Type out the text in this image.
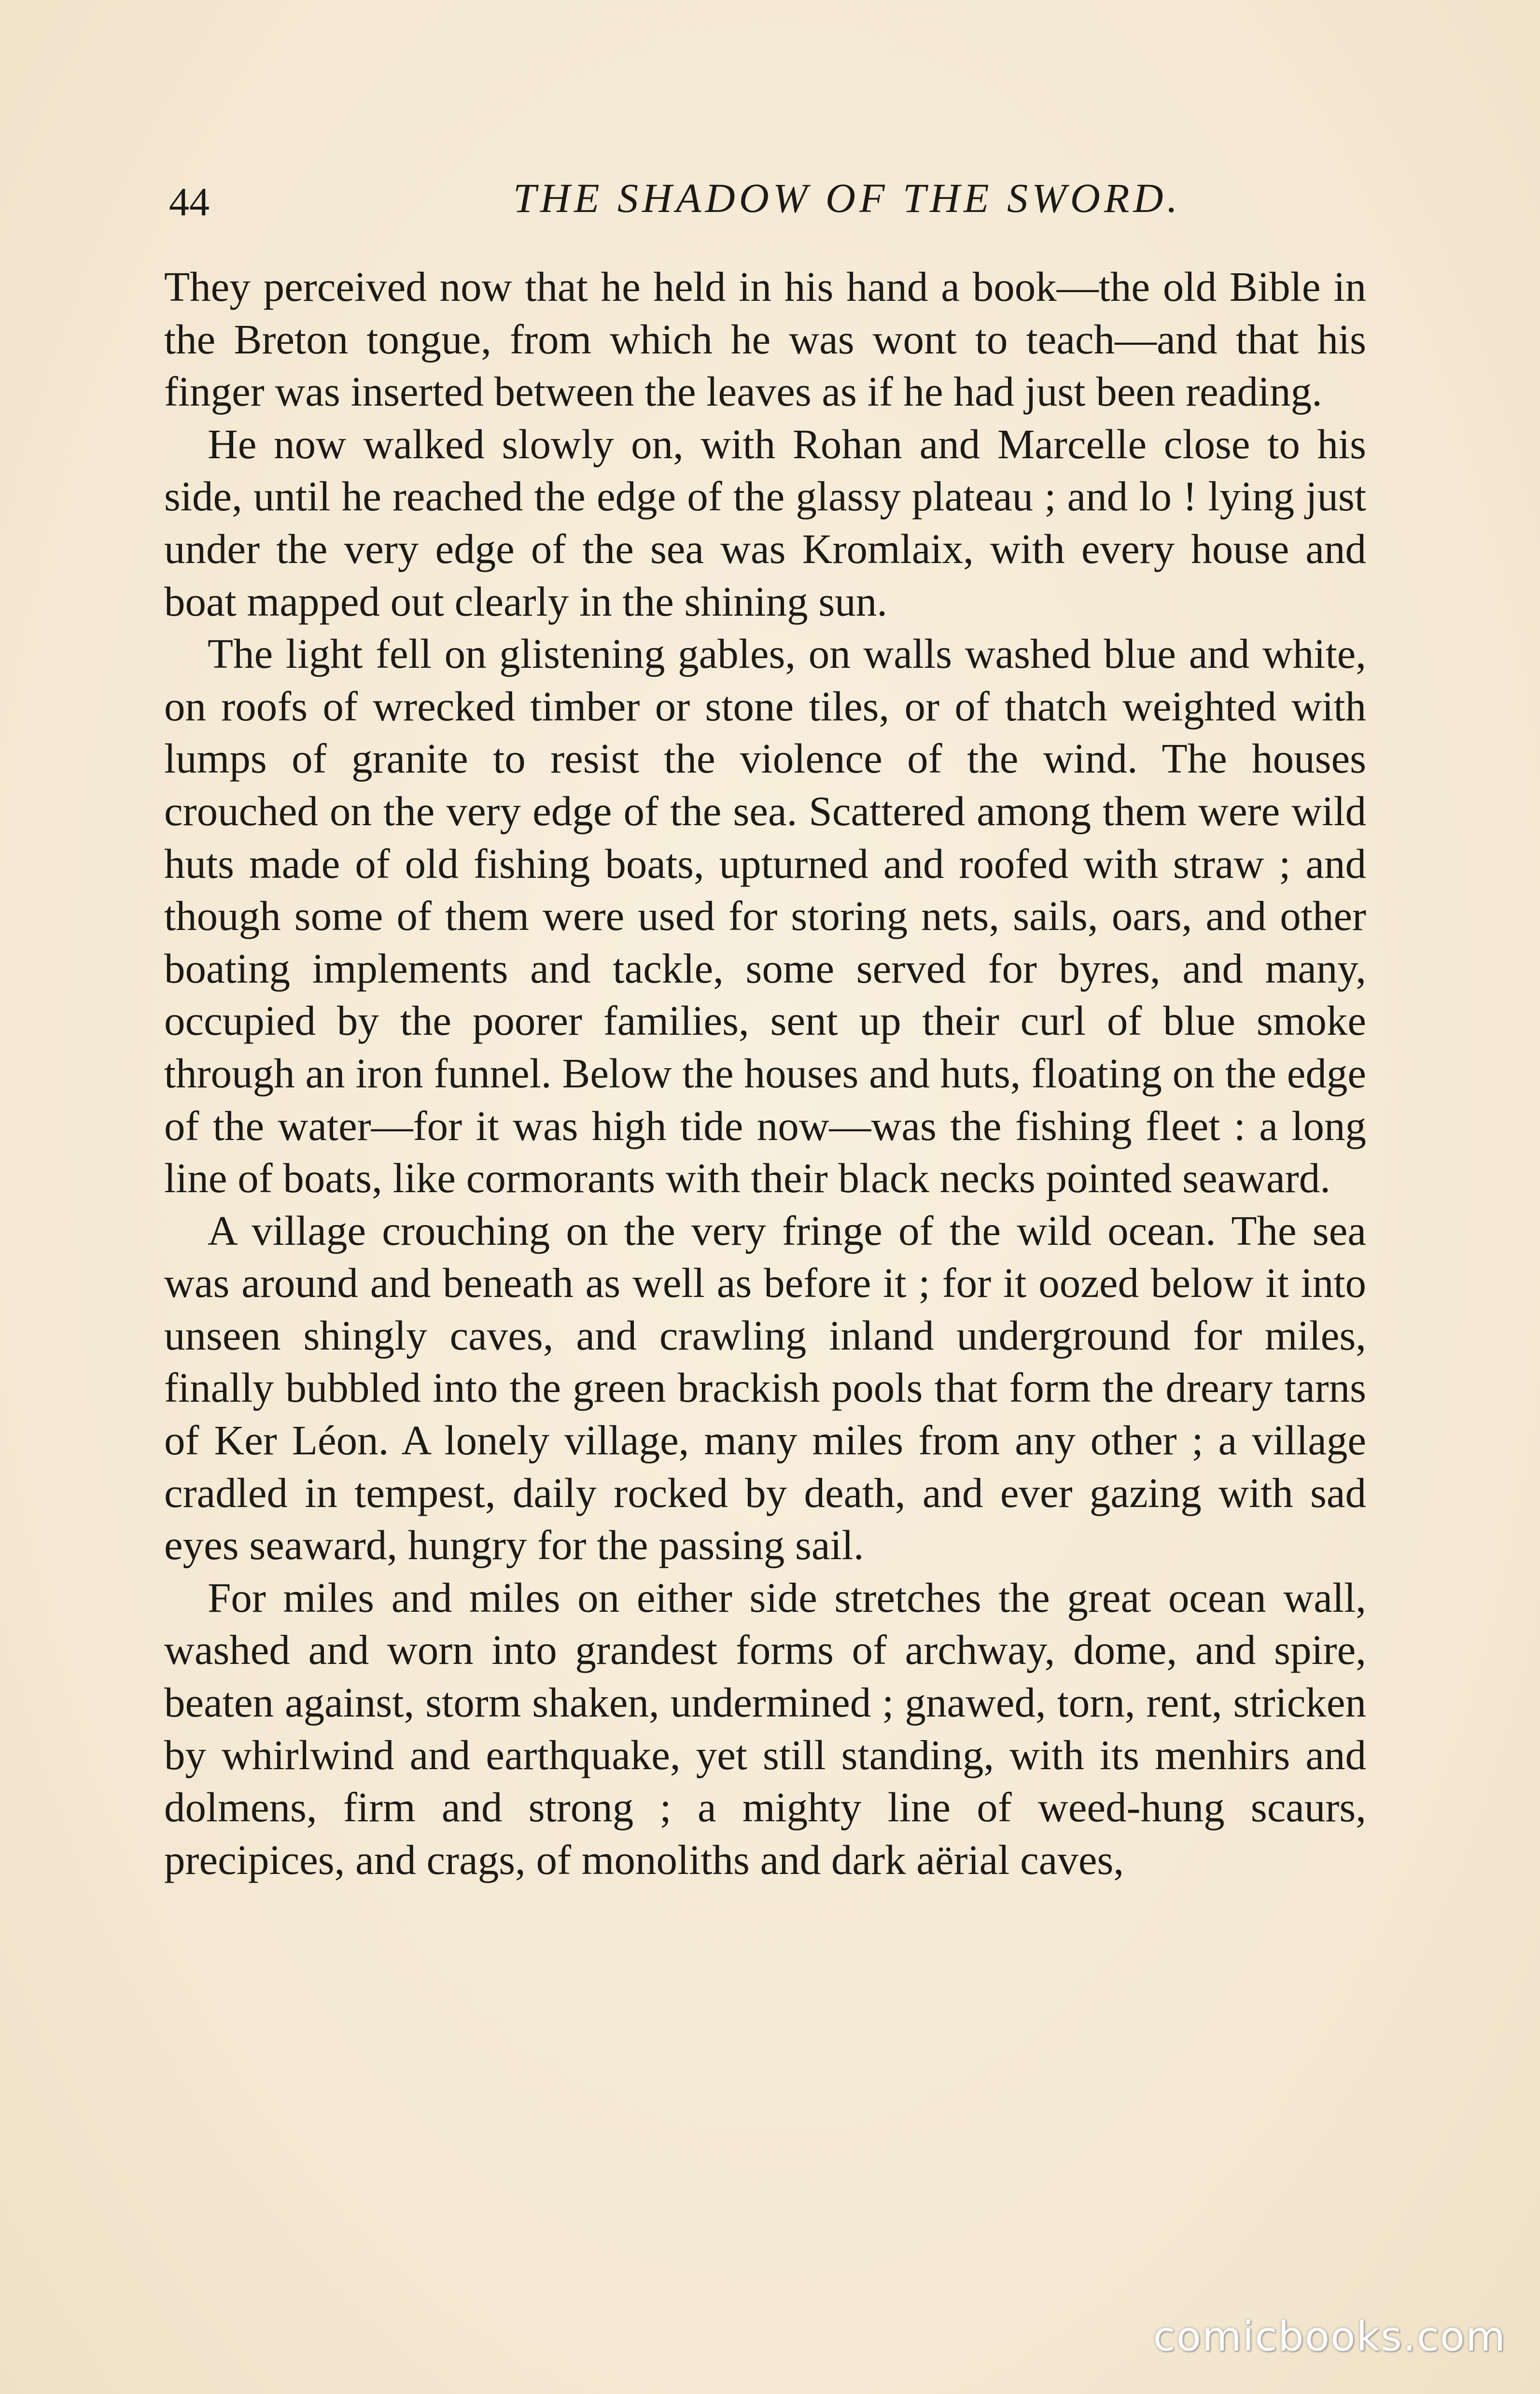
44	THE SHADOW OF THE SWORD.

They perceived now that he held in his hand a book—the old Bible in the Breton tongue, from which he was wont to teach—and that his finger was inserted between the leaves as if he had just been reading.

He now walked slowly on, with Rohan and Marcelle close to his side, until he reached the edge of the glassy plateau ; and lo ! lying just under the very edge of the sea was Kromlaix, with every house and boat mapped out clearly in the shining sun.

The light fell on glistening gables, on walls washed blue and white, on roofs of wrecked timber or stone tiles, or of thatch weighted with lumps of granite to resist the violence of the wind. The houses crouched on the very edge of the sea. Scattered among them were wild huts made of old fishing boats, upturned and roofed with straw ; and though some of them were used for storing nets, sails, oars, and other boating implements and tackle, some served for byres, and many, occupied by the poorer families, sent up their curl of blue smoke through an iron funnel. Below the houses and huts, floating on the edge of the water—for it was high tide now—was the fishing fleet : a long line of boats, like cormorants with their black necks pointed seaward.

A village crouching on the very fringe of the wild ocean. The sea was around and beneath as well as before it ; for it oozed below it into unseen shingly caves, and crawling inland underground for miles, finally bubbled into the green brackish pools that form the dreary tarns of Ker Léon. A lonely village, many miles from any other ; a village cradled in tempest, daily rocked by death, and ever gazing with sad eyes seaward, hungry for the passing sail.

For miles and miles on either side stretches the great ocean wall, washed and worn into grandest forms of archway, dome, and spire, beaten against, storm shaken, undermined ; gnawed, torn, rent, stricken by whirlwind and earthquake, yet still standing, with its menhirs and dolmens, firm and strong ; a mighty line of weed-hung scaurs, precipices, and crags, of monoliths and dark aërial caves,

comicbooks.com
